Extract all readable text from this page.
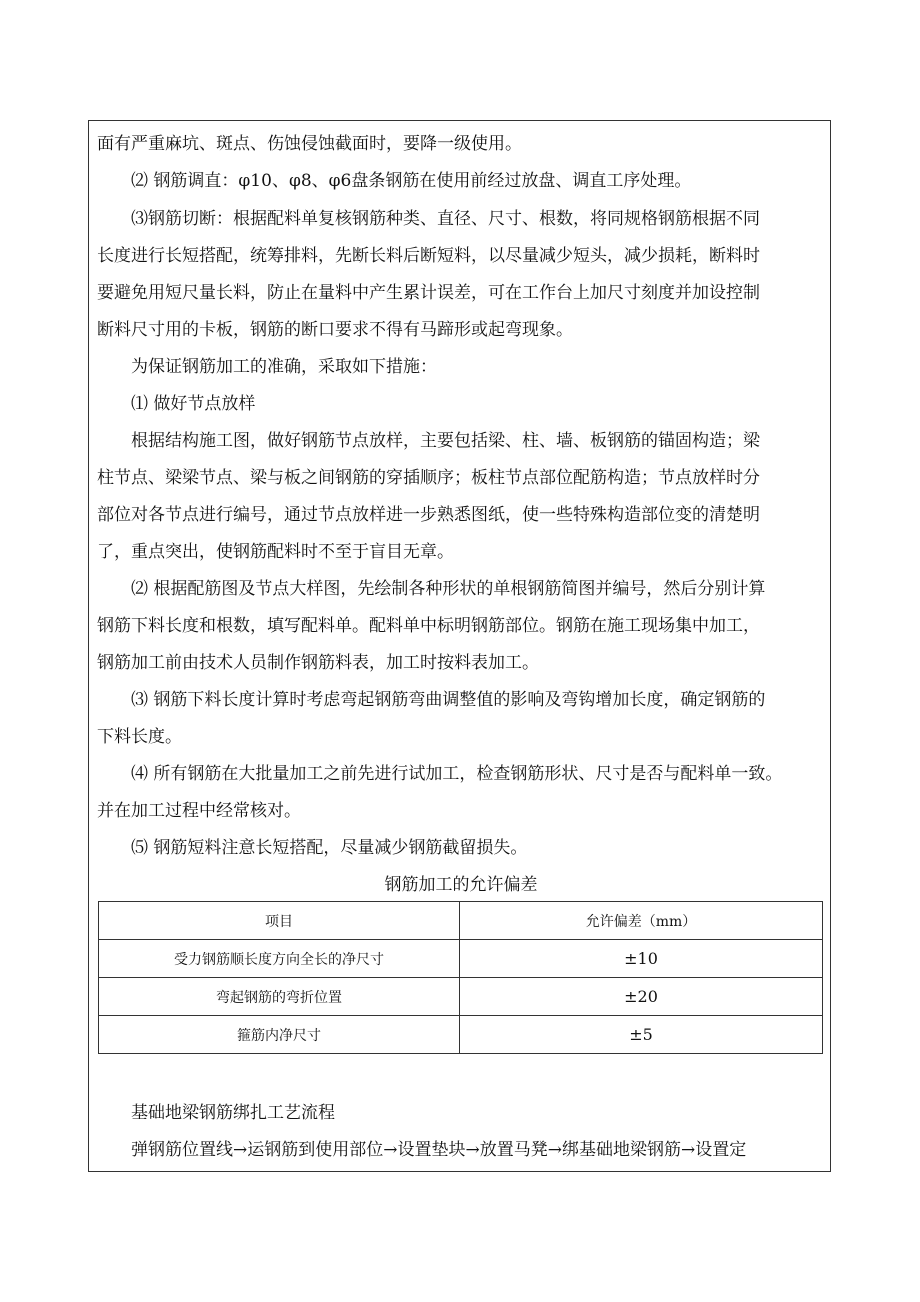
面有严重麻坑、斑点、伤蚀侵蚀截面时，要降一级使用。
⑵ 钢筋调直：φ10、φ8、φ6盘条钢筋在使用前经过放盘、调直工序处理。
⑶钢筋切断：根据配料单复核钢筋种类、直径、尺寸、根数，将同规格钢筋根据不同
长度进行长短搭配，统筹排料，先断长料后断短料，以尽量减少短头，减少损耗，断料时
要避免用短尺量长料，防止在量料中产生累计误差，可在工作台上加尺寸刻度并加设控制
断料尺寸用的卡板，钢筋的断口要求不得有马蹄形或起弯现象。
为保证钢筋加工的准确，采取如下措施：
⑴ 做好节点放样
根据结构施工图，做好钢筋节点放样，主要包括梁、柱、墙、板钢筋的锚固构造；梁
柱节点、梁梁节点、梁与板之间钢筋的穿插顺序；板柱节点部位配筋构造；节点放样时分
部位对各节点进行编号，通过节点放样进一步熟悉图纸，使一些特殊构造部位变的清楚明
了，重点突出，使钢筋配料时不至于盲目无章。
⑵ 根据配筋图及节点大样图，先绘制各种形状的单根钢筋简图并编号，然后分别计算
钢筋下料长度和根数，填写配料单。配料单中标明钢筋部位。钢筋在施工现场集中加工，
钢筋加工前由技术人员制作钢筋料表，加工时按料表加工。
⑶ 钢筋下料长度计算时考虑弯起钢筋弯曲调整值的影响及弯钩增加长度，确定钢筋的
下料长度。
⑷ 所有钢筋在大批量加工之前先进行试加工，检查钢筋形状、尺寸是否与配料单一致。
并在加工过程中经常核对。
⑸ 钢筋短料注意长短搭配，尽量减少钢筋截留损失。
钢筋加工的允许偏差
项目	允许偏差（mm）
受力钢筋顺长度方向全长的净尺寸	±10
弯起钢筋的弯折位置	±20
箍筋内净尺寸	±5
基础地梁钢筋绑扎工艺流程
弹钢筋位置线→运钢筋到使用部位→设置垫块→放置马凳→绑基础地梁钢筋→设置定
